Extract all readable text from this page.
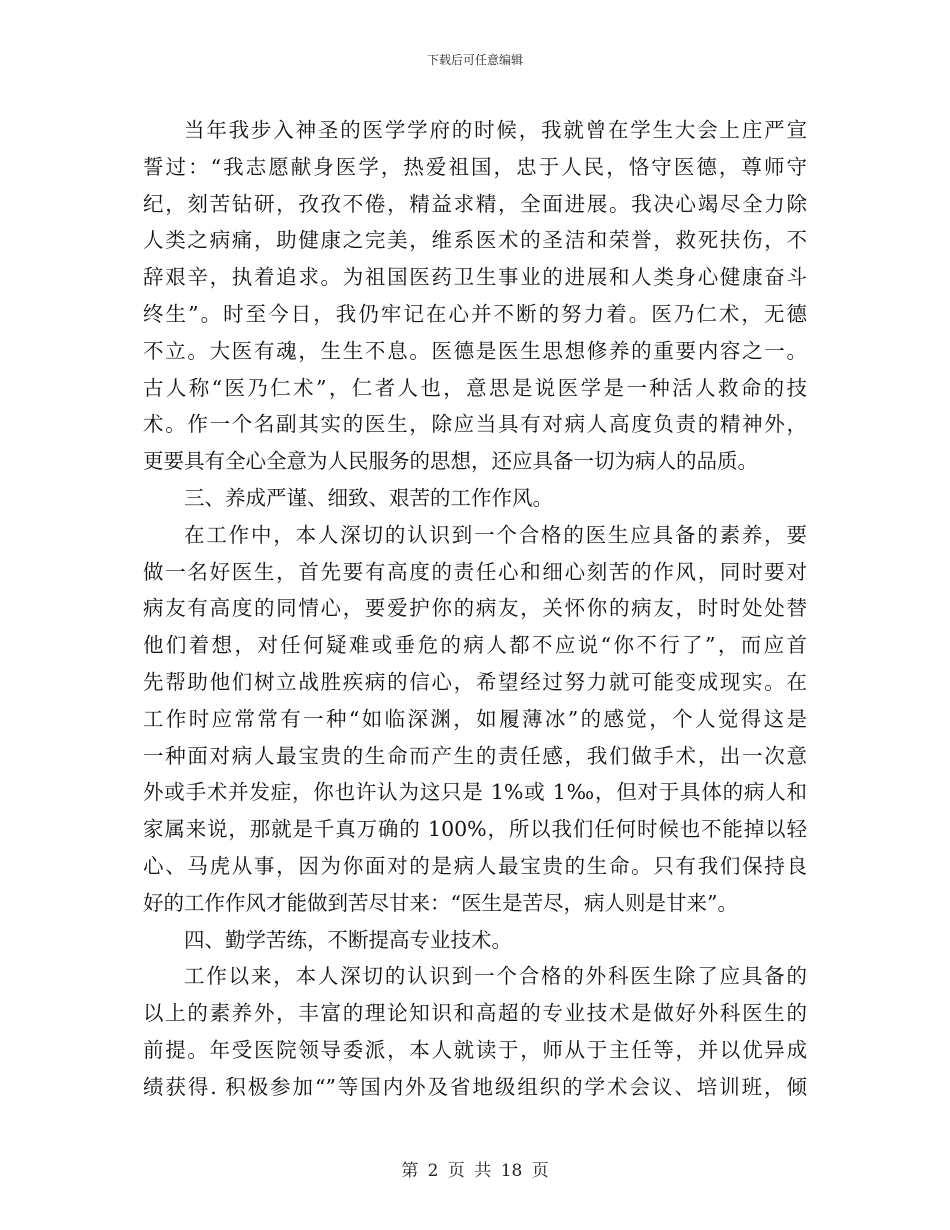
下载后可任意编辑
当年我步入神圣的医学学府的时候，我就曾在学生大会上庄严宣
誓过：“我志愿献身医学，热爱祖国，忠于人民，恪守医德，尊师守
纪，刻苦钻研，孜孜不倦，精益求精，全面进展。我决心竭尽全力除
人类之病痛，助健康之完美，维系医术的圣洁和荣誉，救死扶伤，不
辞艰辛，执着追求。为祖国医药卫生事业的进展和人类身心健康奋斗
终生”。时至今日，我仍牢记在心并不断的努力着。医乃仁术，无德
不立。大医有魂，生生不息。医德是医生思想修养的重要内容之一。
古人称“医乃仁术”，仁者人也，意思是说医学是一种活人救命的技
术。作一个名副其实的医生，除应当具有对病人高度负责的精神外，
更要具有全心全意为人民服务的思想，还应具备一切为病人的品质。
三、养成严谨、细致、艰苦的工作作风。
在工作中，本人深切的认识到一个合格的医生应具备的素养，要
做一名好医生，首先要有高度的责任心和细心刻苦的作风，同时要对
病友有高度的同情心，要爱护你的病友，关怀你的病友，时时处处替
他们着想，对任何疑难或垂危的病人都不应说“你不行了”，而应首
先帮助他们树立战胜疾病的信心，希望经过努力就可能变成现实。在
工作时应常常有一种“如临深渊，如履薄冰”的感觉，个人觉得这是
一种面对病人最宝贵的生命而产生的责任感，我们做手术，出一次意
外或手术并发症，你也许认为这只是 1%或 1‰，但对于具体的病人和
家属来说，那就是千真万确的 100%，所以我们任何时候也不能掉以轻
心、马虎从事，因为你面对的是病人最宝贵的生命。只有我们保持良
好的工作作风才能做到苦尽甘来：“医生是苦尽，病人则是甘来”。
四、勤学苦练，不断提高专业技术。
工作以来，本人深切的认识到一个合格的外科医生除了应具备的
以上的素养外，丰富的理论知识和高超的专业技术是做好外科医生的
前提。年受医院领导委派，本人就读于，师从于主任等，并以优异成
绩获得. 积极参加“”等国内外及省地级组织的学术会议、培训班，倾
第 2 页 共 18 页
